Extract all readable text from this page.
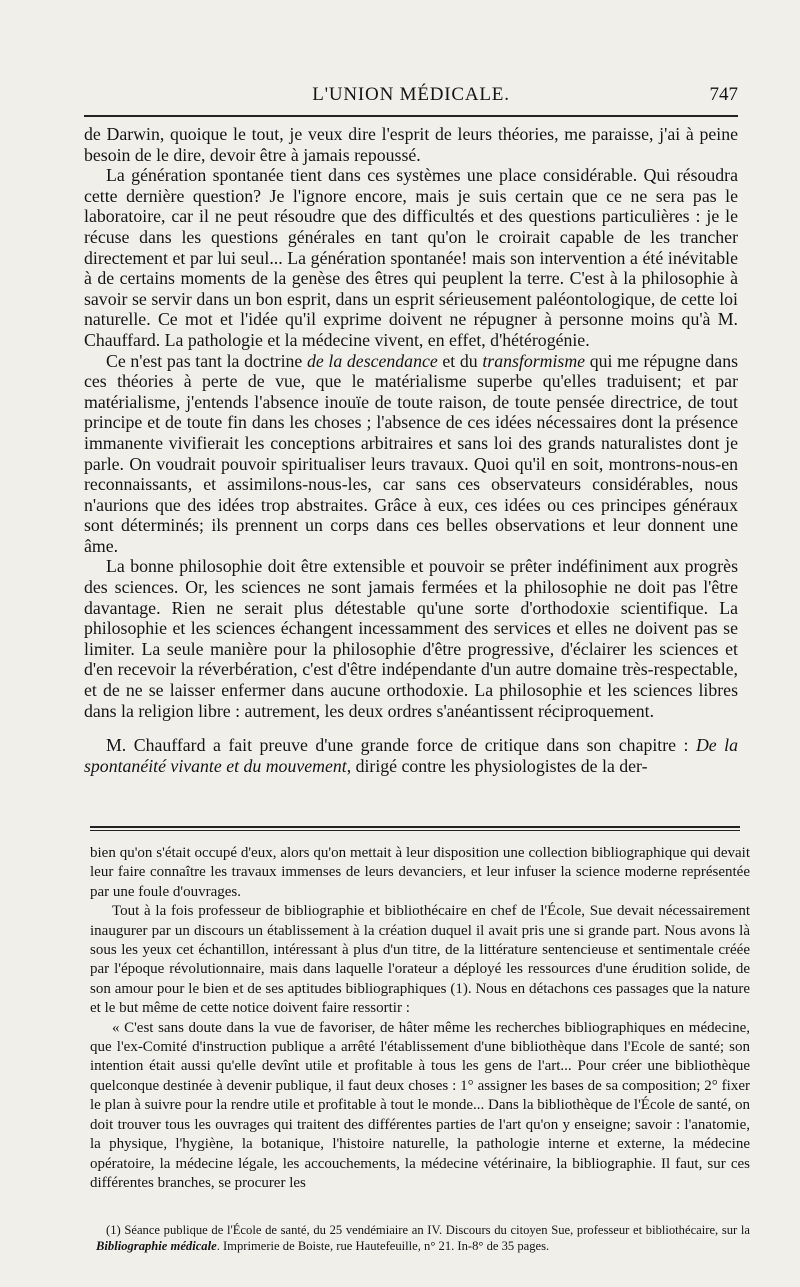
L'UNION MÉDICALE.	747

de Darwin, quoique le tout, je veux dire l'esprit de leurs théories, me paraisse, j'ai à peine besoin de le dire, devoir être à jamais repoussé.

La génération spontanée tient dans ces systèmes une place considérable. Qui résoudra cette dernière question? Je l'ignore encore, mais je suis certain que ce ne sera pas le laboratoire, car il ne peut résoudre que des difficultés et des questions particulières : je le récuse dans les questions générales en tant qu'on le croirait capable de les trancher directement et par lui seul... La génération spontanée! mais son intervention a été inévitable à de certains moments de la genèse des êtres qui peuplent la terre. C'est à la philosophie à savoir se servir dans un bon esprit, dans un esprit sérieusement paléontologique, de cette loi naturelle. Ce mot et l'idée qu'il exprime doivent ne répugner à personne moins qu'à M. Chauffard. La pathologie et la médecine vivent, en effet, d'hétérogénie.

Ce n'est pas tant la doctrine de la descendance et du transformisme qui me répugne dans ces théories à perte de vue, que le matérialisme superbe qu'elles traduisent; et par matérialisme, j'entends l'absence inouïe de toute raison, de toute pensée directrice, de tout principe et de toute fin dans les choses ; l'absence de ces idées nécessaires dont la présence immanente vivifierait les conceptions arbitraires et sans loi des grands naturalistes dont je parle. On voudrait pouvoir spiritualiser leurs travaux. Quoi qu'il en soit, montrons-nous-en reconnaissants, et assimilons-nous-les, car sans ces observateurs considérables, nous n'aurions que des idées trop abstraites. Grâce à eux, ces idées ou ces principes généraux sont déterminés; ils prennent un corps dans ces belles observations et leur donnent une âme.

La bonne philosophie doit être extensible et pouvoir se prêter indéfiniment aux progrès des sciences. Or, les sciences ne sont jamais fermées et la philosophie ne doit pas l'être davantage. Rien ne serait plus détestable qu'une sorte d'orthodoxie scientifique. La philosophie et les sciences échangent incessamment des services et elles ne doivent pas se limiter. La seule manière pour la philosophie d'être progressive, d'éclairer les sciences et d'en recevoir la réverbération, c'est d'être indépendante d'un autre domaine très-respectable, et de ne se laisser enfermer dans aucune orthodoxie. La philosophie et les sciences libres dans la religion libre : autrement, les deux ordres s'anéantissent réciproquement.

M. Chauffard a fait preuve d'une grande force de critique dans son chapitre : De la spontanéité vivante et du mouvement, dirigé contre les physiologistes de la der-

bien qu'on s'était occupé d'eux, alors qu'on mettait à leur disposition une collection bibliographique qui devait leur faire connaître les travaux immenses de leurs devanciers, et leur infuser la science moderne représentée par une foule d'ouvrages.

Tout à la fois professeur de bibliographie et bibliothécaire en chef de l'École, Sue devait nécessairement inaugurer par un discours un établissement à la création duquel il avait pris une si grande part. Nous avons là sous les yeux cet échantillon, intéressant à plus d'un titre, de la littérature sentencieuse et sentimentale créée par l'époque révolutionnaire, mais dans laquelle l'orateur a déployé les ressources d'une érudition solide, de son amour pour le bien et de ses aptitudes bibliographiques (1). Nous en détachons ces passages que la nature et le but même de cette notice doivent faire ressortir :

« C'est sans doute dans la vue de favoriser, de hâter même les recherches bibliographiques en médecine, que l'ex-Comité d'instruction publique a arrêté l'établissement d'une bibliothèque dans l'Ecole de santé; son intention était aussi qu'elle devînt utile et profitable à tous les gens de l'art... Pour créer une bibliothèque quelconque destinée à devenir publique, il faut deux choses : 1° assigner les bases de sa composition; 2° fixer le plan à suivre pour la rendre utile et profitable à tout le monde... Dans la bibliothèque de l'École de santé, on doit trouver tous les ouvrages qui traitent des différentes parties de l'art qu'on y enseigne; savoir : l'anatomie, la physique, l'hygiène, la botanique, l'histoire naturelle, la pathologie interne et externe, la médecine opératoire, la médecine légale, les accouchements, la médecine vétérinaire, la bibliographie. Il faut, sur ces différentes branches, se procurer les

(1) Séance publique de l'École de santé, du 25 vendémiaire an IV. Discours du citoyen Sue, professeur et bibliothécaire, sur la Bibliographie médicale. Imprimerie de Boiste, rue Hautefeuille, n° 21. In-8° de 35 pages.
